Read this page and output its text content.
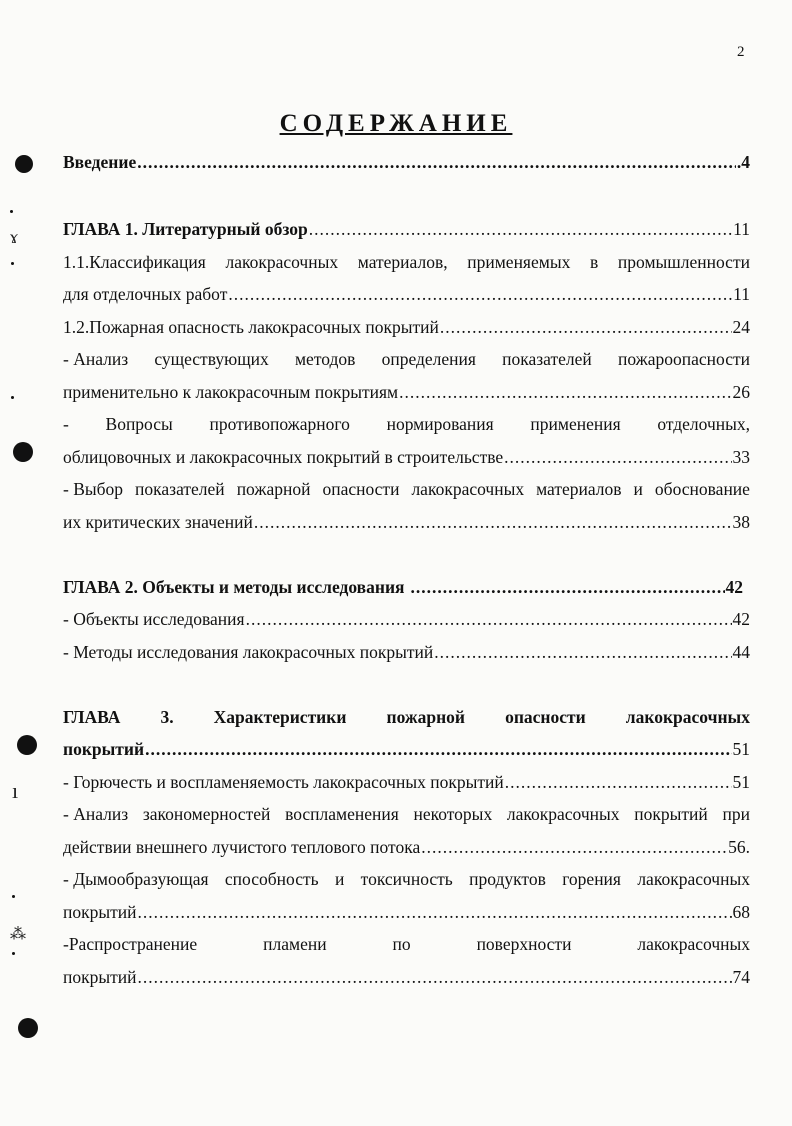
2
СОДЕРЖАНИЕ
Введение .....	.4
ГЛАВА 1. Литературный обзор .....	11
1.1.Классификация лакокрасочных материалов, применяемых в промышленности
для отделочных работ .....	11
1.2.Пожарная опасность лакокрасочных покрытий .....	24
- Анализ существующих методов определения показателей пожароопасности
применительно к лакокрасочным покрытиям .....	26
- Вопросы противопожарного нормирования применения отделочных,
облицовочных и лакокрасочных покрытий в строительстве .....	33
- Выбор показателей пожарной опасности лакокрасочных материалов и обоснование
их критических значений .....	38
ГЛАВА 2. Объекты и методы исследования .....	42
- Объекты исследования .....	42
- Методы исследования лакокрасочных покрытий .....	44
ГЛАВА 3. Характеристики пожарной опасности лакокрасочных
покрытий .....	51
- Горючесть и воспламеняемость лакокрасочных покрытий .....	51
- Анализ закономерностей воспламенения некоторых лакокрасочных покрытий при
действии внешнего лучистого теплового потока .....	56.
- Дымообразующая способность и токсичность продуктов горения лакокрасочных
покрытий .....	68
-Распространение	пламени	по	поверхности	лакокрасочных
покрытий .....	74
ɤ
ı
⁂
